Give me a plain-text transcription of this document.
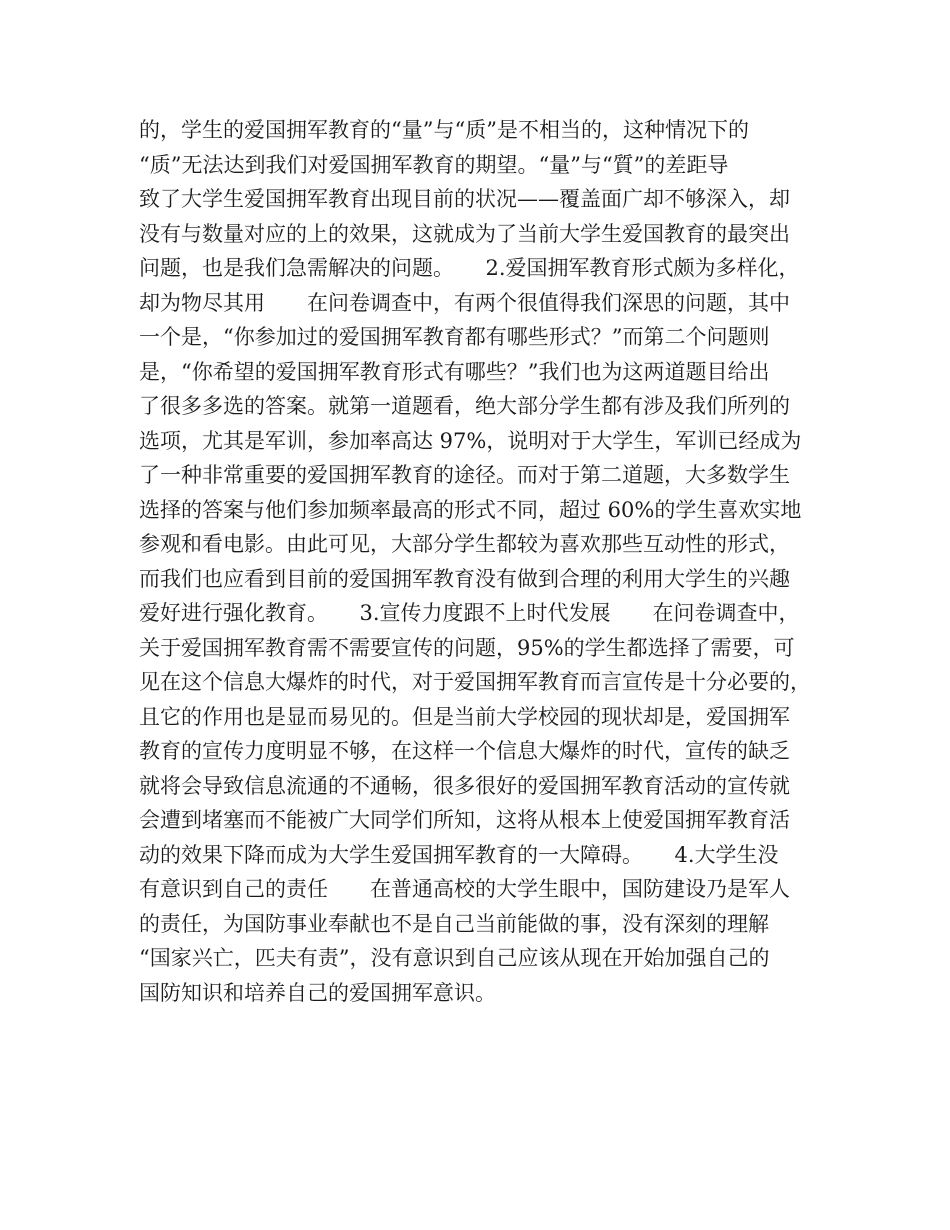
的，学生的爱国拥军教育的“量”与“质”是不相当的，这种情况下的
“质”无法达到我们对爱国拥军教育的期望。“量”与“質”的差距导
致了大学生爱国拥军教育出现目前的状况——覆盖面广却不够深入，却
没有与数量对应的上的效果，这就成为了当前大学生爱国教育的最突出
问题，也是我们急需解决的问题。　　2.爱国拥军教育形式颇为多样化，
却为物尽其用　　在问卷调查中，有两个很值得我们深思的问题，其中
一个是，“你参加过的爱国拥军教育都有哪些形式？”而第二个问题则
是，“你希望的爱国拥军教育形式有哪些？”我们也为这两道题目给出
了很多多选的答案。就第一道题看，绝大部分学生都有涉及我们所列的
选项，尤其是军训，参加率高达 97%，说明对于大学生，军训已经成为
了一种非常重要的爱国拥军教育的途径。而对于第二道题，大多数学生
选择的答案与他们参加频率最高的形式不同，超过 60%的学生喜欢实地
参观和看电影。由此可见，大部分学生都较为喜欢那些互动性的形式，
而我们也应看到目前的爱国拥军教育没有做到合理的利用大学生的兴趣
爱好进行强化教育。　　3.宣传力度跟不上时代发展　　在问卷调查中，
关于爱国拥军教育需不需要宣传的问题，95%的学生都选择了需要，可
见在这个信息大爆炸的时代，对于爱国拥军教育而言宣传是十分必要的，
且它的作用也是显而易见的。但是当前大学校园的现状却是，爱国拥军
教育的宣传力度明显不够，在这样一个信息大爆炸的时代，宣传的缺乏
就将会导致信息流通的不通畅，很多很好的爱国拥军教育活动的宣传就
会遭到堵塞而不能被广大同学们所知，这将从根本上使爱国拥军教育活
动的效果下降而成为大学生爱国拥军教育的一大障碍。　　4.大学生没
有意识到自己的责任　　在普通高校的大学生眼中，国防建设乃是军人
的责任，为国防事业奉献也不是自己当前能做的事，没有深刻的理解
“国家兴亡，匹夫有责”，没有意识到自己应该从现在开始加强自己的
国防知识和培养自己的爱国拥军意识。
